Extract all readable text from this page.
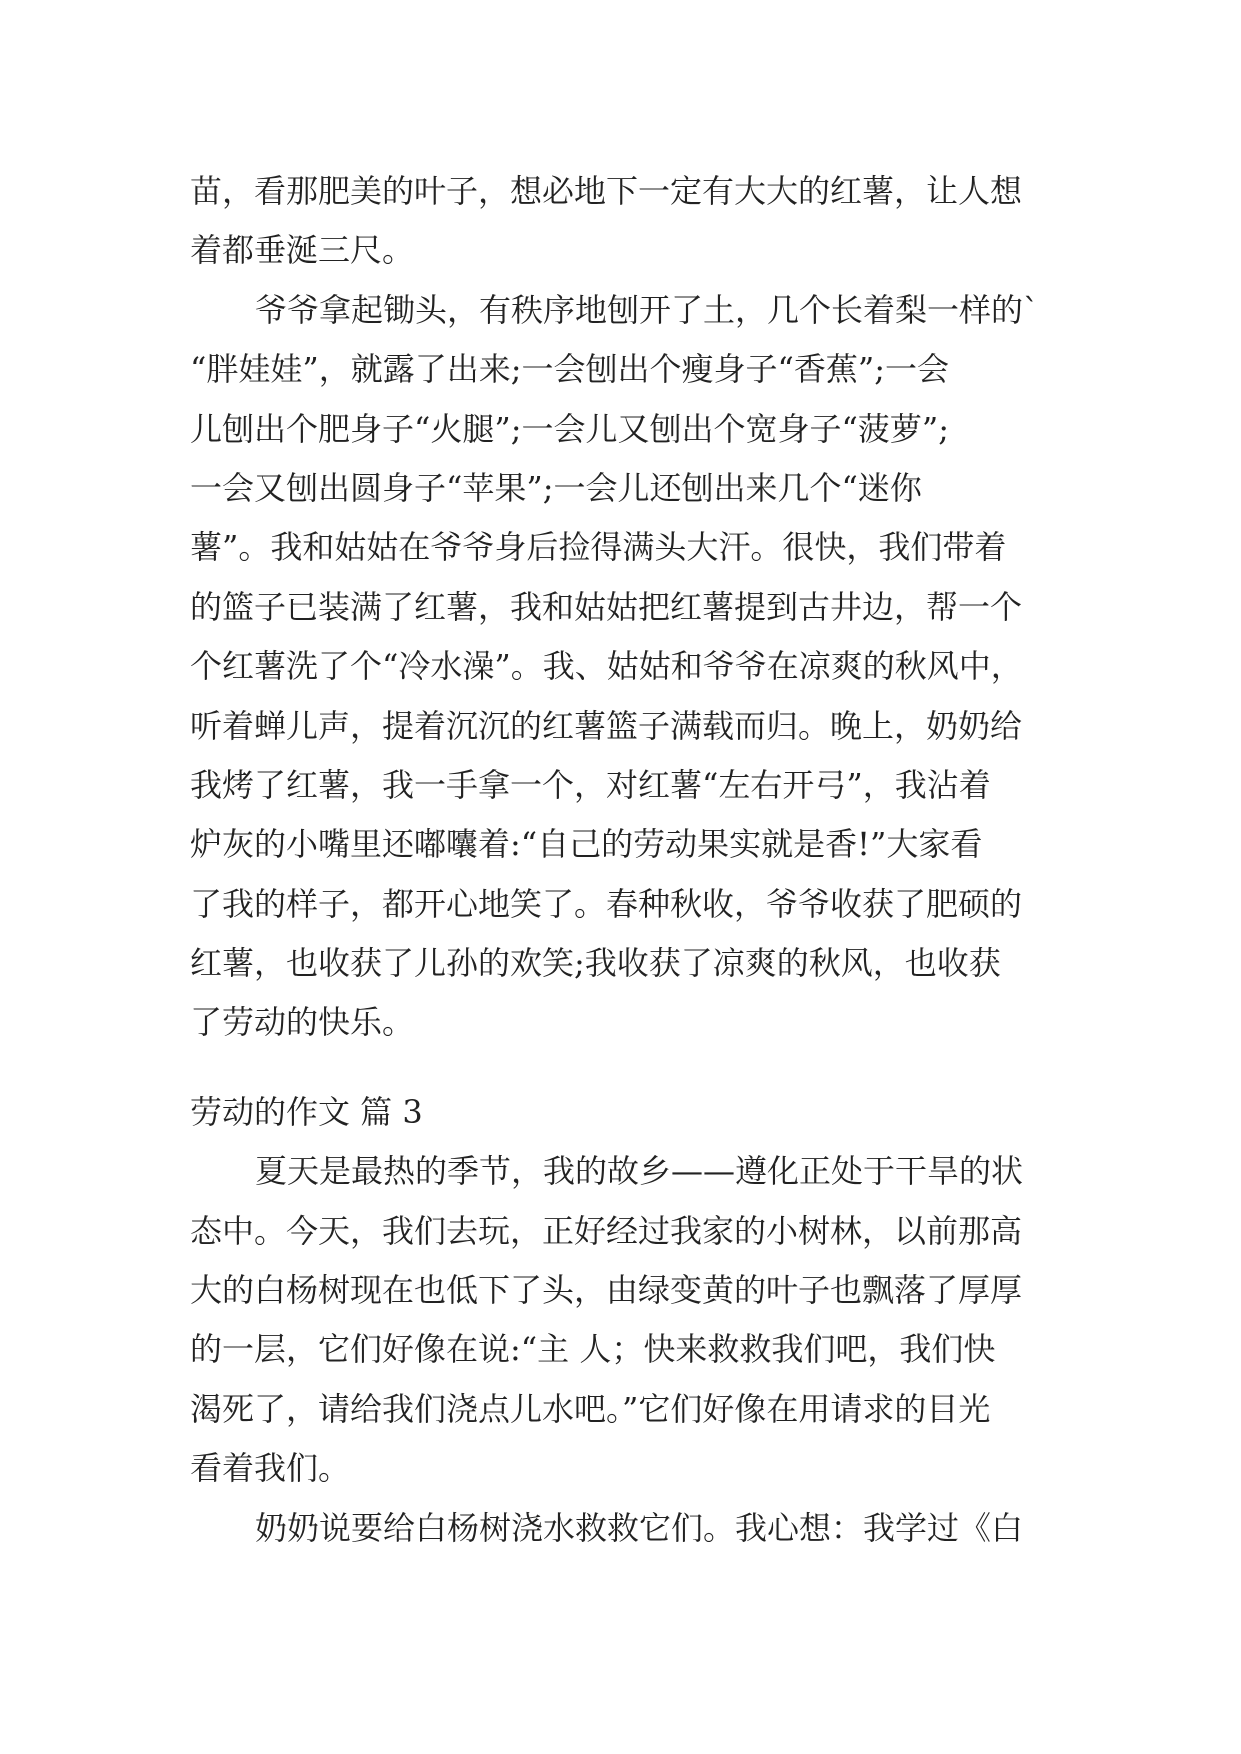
苗，看那肥美的叶子，想必地下一定有大大的红薯，让人想
着都垂涎三尺。
爷爷拿起锄头，有秩序地刨开了土，几个长着梨一样的`
“胖娃娃”，就露了出来;一会刨出个瘦身子“香蕉”;一会
儿刨出个肥身子“火腿”;一会儿又刨出个宽身子“菠萝”;
一会又刨出圆身子“苹果”;一会儿还刨出来几个“迷你
薯”。我和姑姑在爷爷身后捡得满头大汗。很快，我们带着
的篮子已装满了红薯，我和姑姑把红薯提到古井边，帮一个
个红薯洗了个“冷水澡”。我、姑姑和爷爷在凉爽的秋风中，
听着蝉儿声，提着沉沉的红薯篮子满载而归。晚上，奶奶给
我烤了红薯，我一手拿一个，对红薯“左右开弓”，我沾着
炉灰的小嘴里还嘟囔着:“自己的劳动果实就是香!”大家看
了我的样子，都开心地笑了。春种秋收，爷爷收获了肥硕的
红薯，也收获了儿孙的欢笑;我收获了凉爽的秋风，也收获
了劳动的快乐。
劳动的作文 篇 3
夏天是最热的季节，我的故乡——遵化正处于干旱的状
态中。今天，我们去玩，正好经过我家的小树林，以前那高
大的白杨树现在也低下了头，由绿变黄的叶子也飘落了厚厚
的一层，它们好像在说:“主 人；快来救救我们吧，我们快
渴死了，请给我们浇点儿水吧。”它们好像在用请求的目光
看着我们。
奶奶说要给白杨树浇水救救它们。我心想：我学过《白
